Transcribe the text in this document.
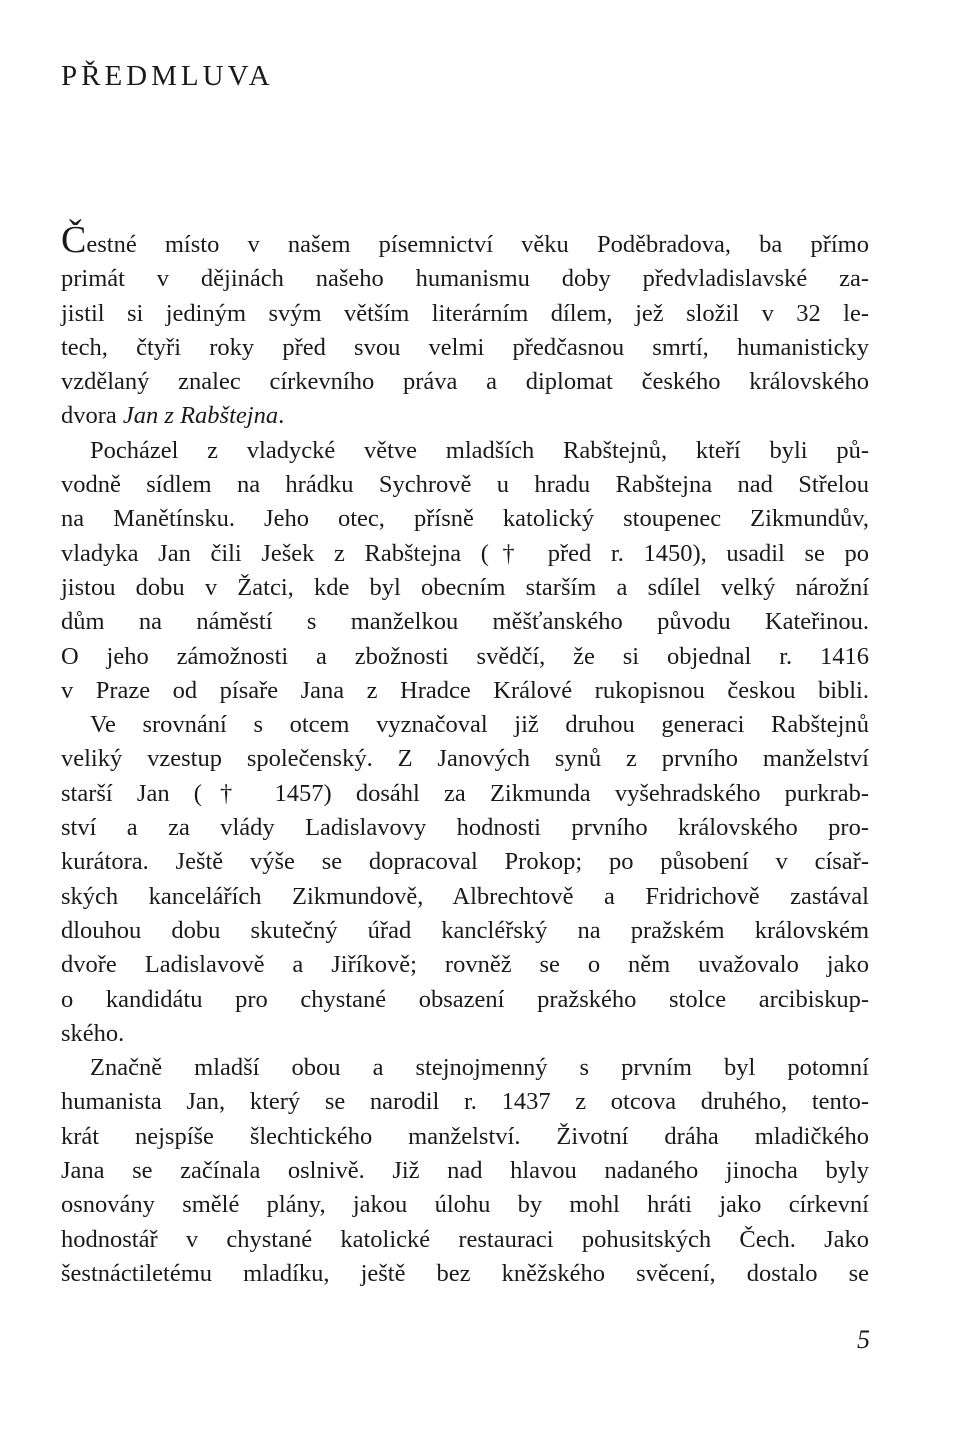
PŘEDMLUVA
Čestné místo v našem písemnictví věku Poděbradova, ba přímo
primát v dějinách našeho humanismu doby předvladislavské za-
jistil si jediným svým větším literárním dílem, jež složil v 32 le-
tech, čtyři roky před svou velmi předčasnou smrtí, humanisticky
vzdělaný znalec církevního práva a diplomat českého královského
dvora Jan z Rabštejna.
Pocházel z vladycké větve mladších Rabštejnů, kteří byli pů-
vodně sídlem na hrádku Sychrově u hradu Rabštejna nad Střelou
na Manětínsku. Jeho otec, přísně katolický stoupenec Zikmundův,
vladyka Jan čili Ješek z Rabštejna († před r. 1450), usadil se po
jistou dobu v Žatci, kde byl obecním starším a sdílel velký nárožní
dům na náměstí s manželkou měšťanského původu Kateřinou.
O jeho zámožnosti a zbožnosti svědčí, že si objednal r. 1416
v Praze od písaře Jana z Hradce Králové rukopisnou českou bibli.
Ve srovnání s otcem vyznačoval již druhou generaci Rabštejnů
veliký vzestup společenský. Z Janových synů z prvního manželství
starší Jan († 1457) dosáhl za Zikmunda vyšehradského purkrab-
ství a za vlády Ladislavovy hodnosti prvního královského pro-
kurátora. Ještě výše se dopracoval Prokop; po působení v císař-
ských kancelářích Zikmundově, Albrechtově a Fridrichově zastával
dlouhou dobu skutečný úřad kancléřský na pražském královském
dvoře Ladislavově a Jiříkově; rovněž se o něm uvažovalo jako
o kandidátu pro chystané obsazení pražského stolce arcibiskup-
ského.
Značně mladší obou a stejnojmenný s prvním byl potomní
humanista Jan, který se narodil r. 1437 z otcova druhého, tento-
krát nejspíše šlechtického manželství. Životní dráha mladičkého
Jana se začínala oslnivě. Již nad hlavou nadaného jinocha byly
osnovány smělé plány, jakou úlohu by mohl hráti jako církevní
hodnostář v chystané katolické restauraci pohusitských Čech. Jako
šestnáctiletému mladíku, ještě bez kněžského svěcení, dostalo se
5
